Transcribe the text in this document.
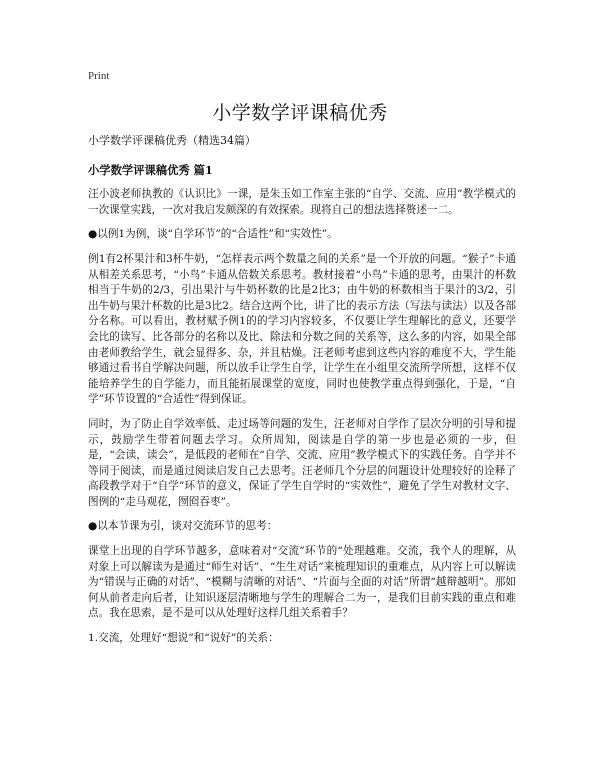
Print
小学数学评课稿优秀

小学数学评课稿优秀（精选34篇）

小学数学评课稿优秀 篇1

汪小波老师执教的《认识比》一课，是朱玉如工作室主张的“自学、交流、应用”教学模式的一次课堂实践，一次对我启发颇深的有效探索。现将自己的想法选择赘述一二。

●以例1为例，谈“自学环节”的“合适性”和“实效性”。

例1有2杯果汁和3杯牛奶，“怎样表示两个数量之间的关系”是一个开放的问题。“猴子”卡通从相差关系思考，“小鸟”卡通从倍数关系思考。教材接着“小鸟”卡通的思考，由果汁的杯数相当于牛奶的2/3，引出果汁与牛奶杯数的比是2比3；由牛奶的杯数相当于果汁的3/2，引出牛奶与果汁杯数的比是3比2。结合这两个比，讲了比的表示方法（写法与读法）以及各部分名称。可以看出，教材赋予例1的的学习内容较多，不仅要让学生理解比的意义，还要学会比的读写、比各部分的名称以及比、除法和分数之间的关系等，这么多的内容，如果全部由老师教给学生，就会显得多、杂，并且枯燥。汪老师考虑到这些内容的难度不大，学生能够通过看书自学解决问题，所以放手让学生自学，让学生在小组里交流所学所想，这样不仅能培养学生的自学能力，而且能拓展课堂的宽度，同时也使教学重点得到强化，于是，“自学”环节设置的“合适性”得到保证。

同时，为了防止自学效率低、走过场等问题的发生，汪老师对自学作了层次分明的引导和提示，鼓励学生带着问题去学习。众所周知，阅读是自学的第一步也是必须的一步，但是，“会读，读会”，是低段的老师在“自学、交流、应用”教学模式下的实践任务。自学并不等同于阅读，而是通过阅读启发自己去思考。汪老师几个分层的问题设计处理较好的诠释了高段教学对于“自学”环节的意义，保证了学生自学时的“实效性”，避免了学生对教材文字、图例的“走马观花，囫囵吞枣”。

●以本节课为引，谈对交流环节的思考：

课堂上出现的自学环节越多，意味着对“交流”环节的“处理越难。交流，我个人的理解，从对象上可以解读为是通过“师生对话”、“生生对话”来梳理知识的重难点，从内容上可以解读为“错误与正确的对话”、“模糊与清晰的对话”、“片面与全面的对话”所谓“越辩越明”。那如何从前者走向后者，让知识逐层清晰地与学生的理解合二为一，是我们目前实践的重点和难点。我在思索，是不是可以从处理好这样几组关系着手？

1.交流，处理好“想说”和“说好”的关系：
